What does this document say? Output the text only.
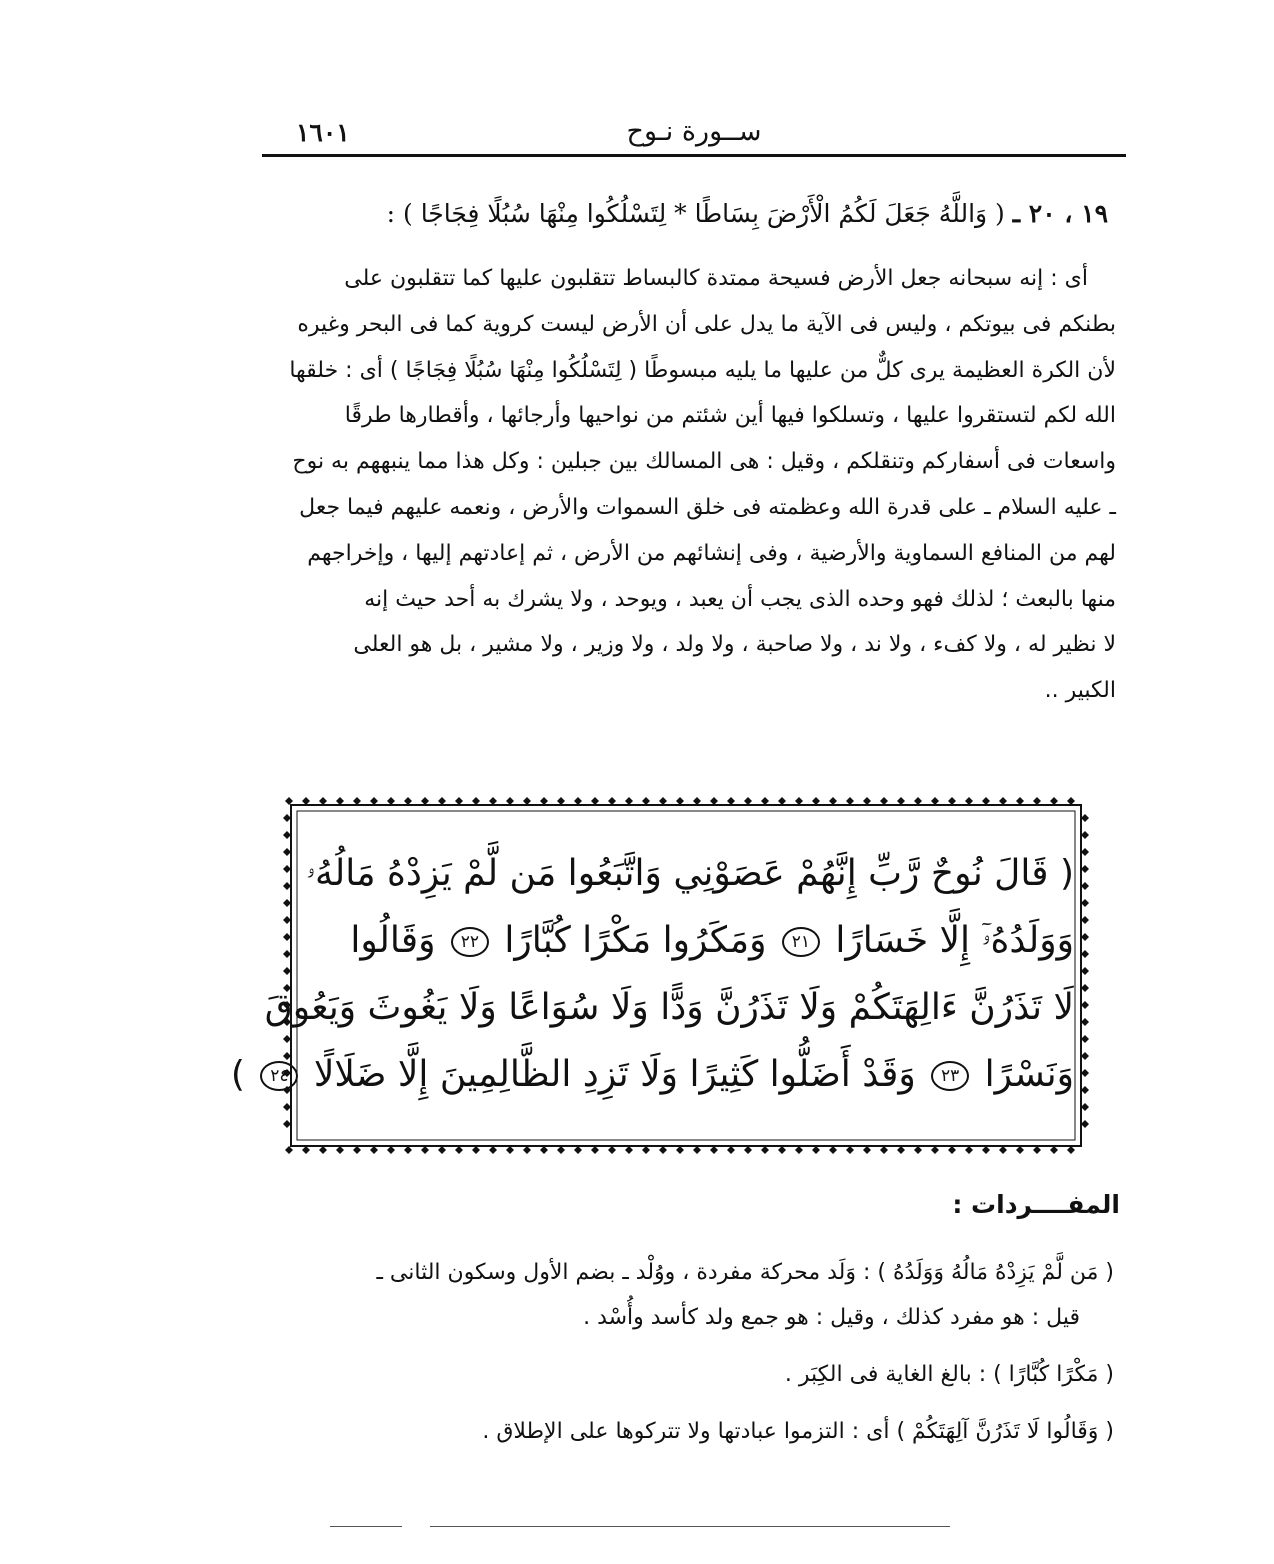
١٦٠١	ســورة نـوح
١٩ ، ٢٠ ـ ( وَاللَّهُ جَعَلَ لَكُمُ الْأَرْضَ بِسَاطًا * لِتَسْلُكُوا مِنْهَا سُبُلًا فِجَاجًا ) :

أى : إنه سبحانه جعل الأرض فسيحة ممتدة كالبساط تتقلبون عليها كما تتقلبون على

بطنكم فى بيوتكم ، وليس فى الآية ما يدل على أن الأرض ليست كروية كما فى البحر وغيره

لأن الكرة العظيمة يرى كلٌّ من عليها ما يليه مبسوطًا ( لِتَسْلُكُوا مِنْهَا سُبُلًا فِجَاجًا ) أى : خلقها

الله لكم لتستقروا عليها ، وتسلكوا فيها أين شئتم من نواحيها وأرجائها ، وأقطارها طرقًا

واسعات فى أسفاركم وتنقلكم ، وقيل : هى المسالك بين جبلين : وكل هذا مما ينبههم به نوح

ـ عليه السلام ـ على قدرة الله وعظمته فى خلق السموات والأرض ، ونعمه عليهم فيما جعل

لهم من المنافع السماوية والأرضية ، وفى إنشائهم من الأرض ، ثم إعادتهم إليها ، وإخراجهم

منها بالبعث ؛ لذلك فهو وحده الذى يجب أن يعبد ، ويوحد ، ولا يشرك به أحد حيث إنه

لا نظير له ، ولا كفء ، ولا ند ، ولا صاحبة ، ولا ولد ، ولا وزير ، ولا مشير ، بل هو العلى

الكبير ..

( قَالَ نُوحٌ رَّبِّ إِنَّهُمْ عَصَوْنِي وَاتَّبَعُوا مَن لَّمْ يَزِدْهُ مَالُهُۥ

وَوَلَدُهُۥٓ إِلَّا خَسَارًا ٢١ وَمَكَرُوا مَكْرًا كُبَّارًا ٢٢ وَقَالُوا

لَا تَذَرُنَّ ءَالِهَتَكُمْ وَلَا تَذَرُنَّ وَدًّا وَلَا سُوَاعًا وَلَا يَغُوثَ وَيَعُوقَ

وَنَسْرًا ٢٣ وَقَدْ أَضَلُّوا كَثِيرًا وَلَا تَزِدِ الظَّالِمِينَ إِلَّا ضَلَالًا ٢٤ )

المفــــردات :

( مَن لَّمْ يَزِدْهُ مَالُهُ وَوَلَدُهُ ) : وَلَد محركة مفردة ، ووُلْد ـ بضم الأول وسكون الثانى ـ

قيل : هو مفرد كذلك ، وقيل : هو جمع ولد كأسد وأُسْد .

( مَكْرًا كُبَّارًا ) : بالغ الغاية فى الكِبَر .

( وَقَالُوا لَا تَذَرُنَّ آلِهَتَكُمْ ) أى : التزموا عبادتها ولا تتركوها على الإطلاق .
